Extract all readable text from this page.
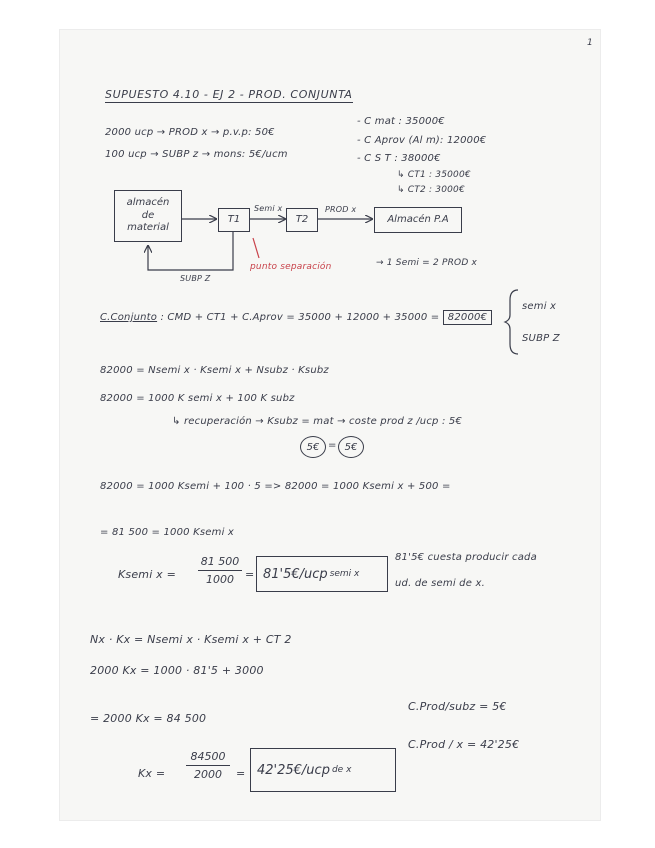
1
SUPUESTO 4.10 - EJ 2 - PROD. CONJUNTA
2000 ucp → PROD x → p.v.p: 50€
100 ucp → SUBP z → mons: 5€/ucm
- C mat : 35000€
- C Aprov (Al m): 12000€
- C S T : 38000€
↳ CT1 : 35000€
↳ CT2 : 3000€
almacén de material
T1	T2	Almacén P.A
Semi x	PROD x
SUBP Z
punto separación	→ 1 Semi = 2 PROD x
C.Conjunto : CMD + CT1 + C.Aprov = 35000 + 12000 + 35000 = 82000€
semi x
SUBP Z
82000 = Nsemi x · Ksemi x + Nsubz · Ksubz
82000 = 1000 K semi x + 100 K subz
↳ recuperación → Ksubz = mat → coste prod z /ucp : 5€
5€ = 5€
82000 = 1000 Ksemi + 100 · 5 => 82000 = 1000 Ksemi x + 500 =
= 81 500 = 1000 Ksemi x
Ksemi x =
81 500
1000	= 81'5€/ucp semi x
81'5€ cuesta producir cada
ud. de semi de x.
Nx · Kx = Nsemi x · Ksemi x + CT 2
2000 Kx = 1000 · 81'5 + 3000
= 2000 Kx = 84 500
C.Prod/subz = 5€
C.Prod / x = 42'25€
Kx =
84500
2000	= 42'25€/ucp de x
